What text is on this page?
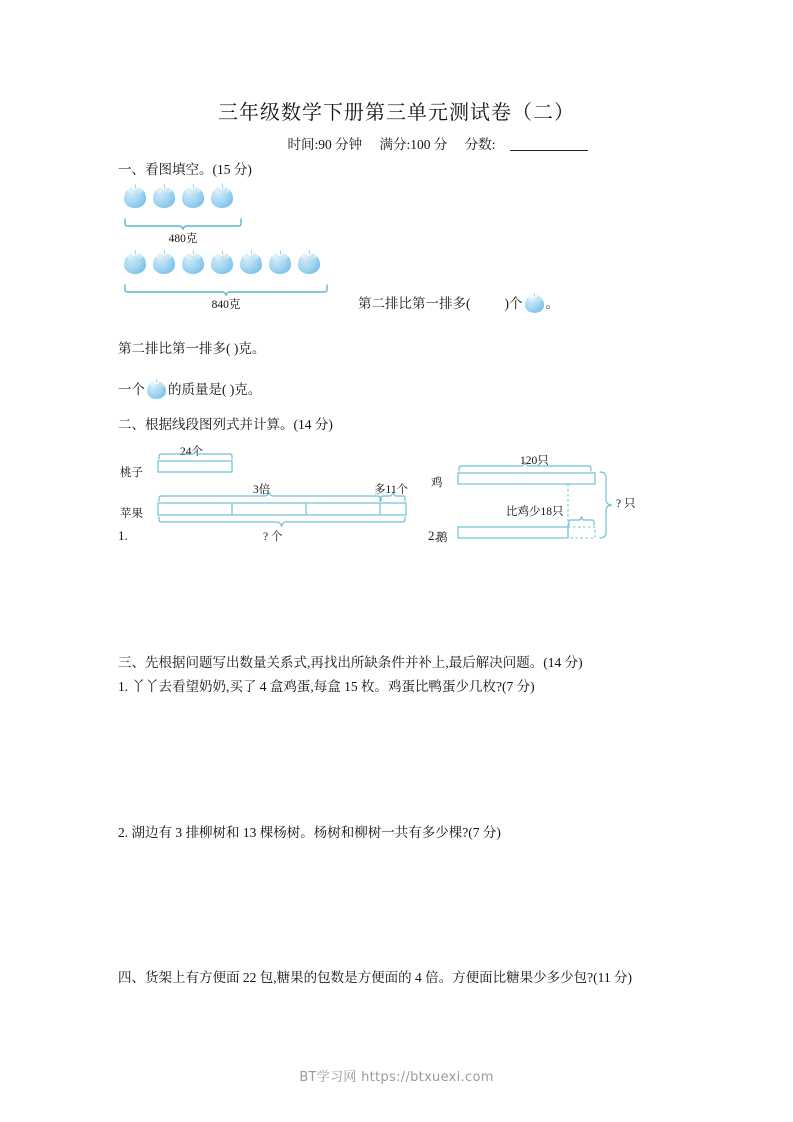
三年级数学下册第三单元测试卷（二）
时间:90 分钟 满分:100 分 分数:
一、看图填空。(15 分)
480克
840克	第二排比第一排多(	)个 。
第二排比第一排多( )克。
一个 的质量是( )克。
二、根据线段图列式并计算。(14 分)
桃子
24个
苹果
3倍	多11个
? 个
1.
鸡
120只
鹅
比鸡少18只
? 只
2.
三、先根据问题写出数量关系式,再找出所缺条件并补上,最后解决问题。(14 分)
1. 丫丫去看望奶奶,买了 4 盒鸡蛋,每盒 15 枚。鸡蛋比鸭蛋少几枚?(7 分)
2. 湖边有 3 排柳树和 13 棵杨树。杨树和柳树一共有多少棵?(7 分)
四、货架上有方便面 22 包,糖果的包数是方便面的 4 倍。方便面比糖果少多少包?(11 分)
BT学习网 https://btxuexi.com
